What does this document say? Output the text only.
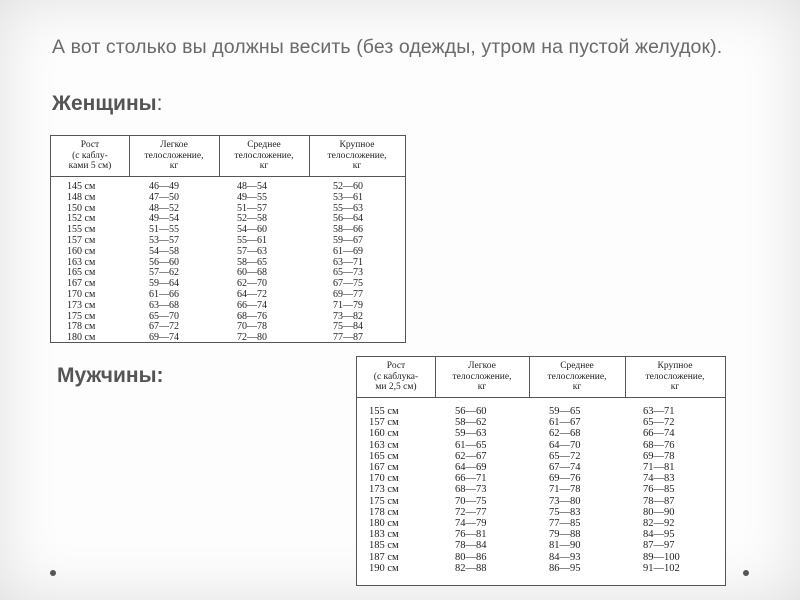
А вот столько вы должны весить (без одежды, утром на пустой желудок).
Женщины:
Рост
(с каблу-
ками 5 см)
Легкое
телосложение,
кг
Среднее
телосложение,
кг
Крупное
телосложение,
кг
145 см
148 см
150 см
152 см
155 см
157 см
160 см
163 см
165 см
167 см
170 см
173 см
175 см
178 см
180 см
46—49
47—50
48—52
49—54
51—55
53—57
54—58
56—60
57—62
59—64
61—66
63—68
65—70
67—72
69—74
48—54
49—55
51—57
52—58
54—60
55—61
57—63
58—65
60—68
62—70
64—72
66—74
68—76
70—78
72—80
52—60
53—61
55—63
56—64
58—66
59—67
61—69
63—71
65—73
67—75
69—77
71—79
73—82
75—84
77—87
Мужчины:	Рост
(с каблука-
ми 2,5 см)
Легкое
телосложение,
кг
Среднее
телосложение,
кг
Крупное
телосложение,
кг
155 см
157 см
160 см
163 см
165 см
167 см
170 см
173 см
175 см
178 см
180 см
183 см
185 см
187 см
190 см
56—60
58—62
59—63
61—65
62—67
64—69
66—71
68—73
70—75
72—77
74—79
76—81
78—84
80—86
82—88
59—65
61—67
62—68
64—70
65—72
67—74
69—76
71—78
73—80
75—83
77—85
79—88
81—90
84—93
86—95
63—71
65—72
66—74
68—76
69—78
71—81
74—83
76—85
78—87
80—90
82—92
84—95
87—97
89—100
91—102
